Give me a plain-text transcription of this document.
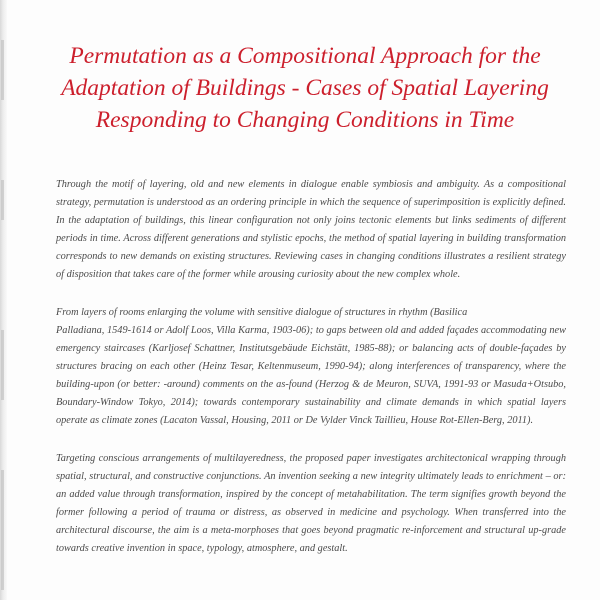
Permutation as a Compositional Approach for the Adaptation of Buildings - Cases of Spatial Layering Responding to Changing Conditions in Time

Through the motif of layering, old and new elements in dialogue enable symbiosis and ambiguity. As a compositional strategy, permutation is understood as an ordering principle in which the sequence of superimposition is explicitly defined. In the adaptation of buildings, this linear configuration not only joins tectonic elements but links sediments of different periods in time. Across different generations and stylistic epochs, the method of spatial layering in building transformation corresponds to new demands on existing structures. Reviewing cases in changing conditions illustrates a resilient strategy of disposition that takes care of the former while arousing curiosity about the new complex whole.

From layers of rooms enlarging the volume with sensitive dialogue of structures in rhythm (Basilica
Palladiana, 1549-1614 or Adolf Loos, Villa Karma, 1903-06); to gaps between old and added façades accommodating new emergency staircases (Karljosef Schattner, Institutsgebäude Eichstätt, 1985-88); or balancing acts of double-façades by structures bracing on each other (Heinz Tesar, Keltenmuseum, 1990-94); along interferences of transparency, where the building-upon (or better: -around) comments on the as-found (Herzog & de Meuron, SUVA, 1991-93 or Masuda+Otsubo, Boundary-Window Tokyo, 2014); towards contemporary sustainability and climate demands in which spatial layers operate as climate zones (Lacaton Vassal, Housing, 2011 or De Vylder Vinck Taillieu, House Rot-Ellen-Berg, 2011).

Targeting conscious arrangements of multilayeredness, the proposed paper investigates architectonical wrapping through spatial, structural, and constructive conjunctions. An invention seeking a new integrity ultimately leads to enrichment – or: an added value through transformation, inspired by the concept of metahabilitation. The term signifies growth beyond the former following a period of trauma or distress, as observed in medicine and psychology. When transferred into the architectural discourse, the aim is a meta-morphoses that goes beyond pragmatic re-inforcement and structural up-grade towards creative invention in space, typology, atmosphere, and gestalt.
